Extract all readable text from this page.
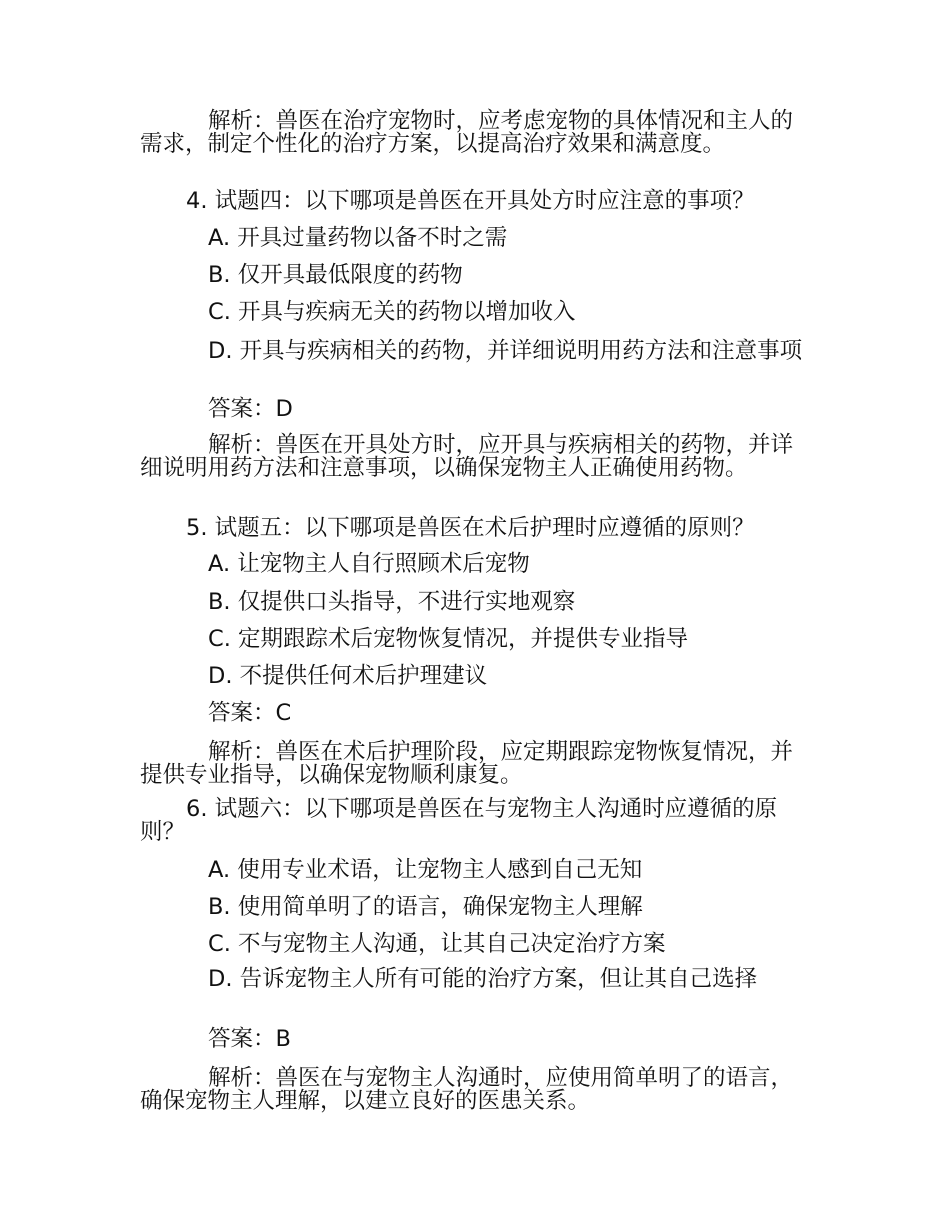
解析：兽医在治疗宠物时，应考虑宠物的具体情况和主人的需求，制定个性化的治疗方案，以提高治疗效果和满意度。
4. 试题四：以下哪项是兽医在开具处方时应注意的事项？
A. 开具过量药物以备不时之需
B. 仅开具最低限度的药物
C. 开具与疾病无关的药物以增加收入
D. 开具与疾病相关的药物，并详细说明用药方法和注意事项
答案：D
解析：兽医在开具处方时，应开具与疾病相关的药物，并详细说明用药方法和注意事项，以确保宠物主人正确使用药物。
5. 试题五：以下哪项是兽医在术后护理时应遵循的原则？
A. 让宠物主人自行照顾术后宠物
B. 仅提供口头指导，不进行实地观察
C. 定期跟踪术后宠物恢复情况，并提供专业指导
D. 不提供任何术后护理建议
答案：C
解析：兽医在术后护理阶段，应定期跟踪宠物恢复情况，并提供专业指导，以确保宠物顺利康复。
6. 试题六：以下哪项是兽医在与宠物主人沟通时应遵循的原则？
A. 使用专业术语，让宠物主人感到自己无知
B. 使用简单明了的语言，确保宠物主人理解
C. 不与宠物主人沟通，让其自己决定治疗方案
D. 告诉宠物主人所有可能的治疗方案，但让其自己选择
答案：B
解析：兽医在与宠物主人沟通时，应使用简单明了的语言，确保宠物主人理解，以建立良好的医患关系。
